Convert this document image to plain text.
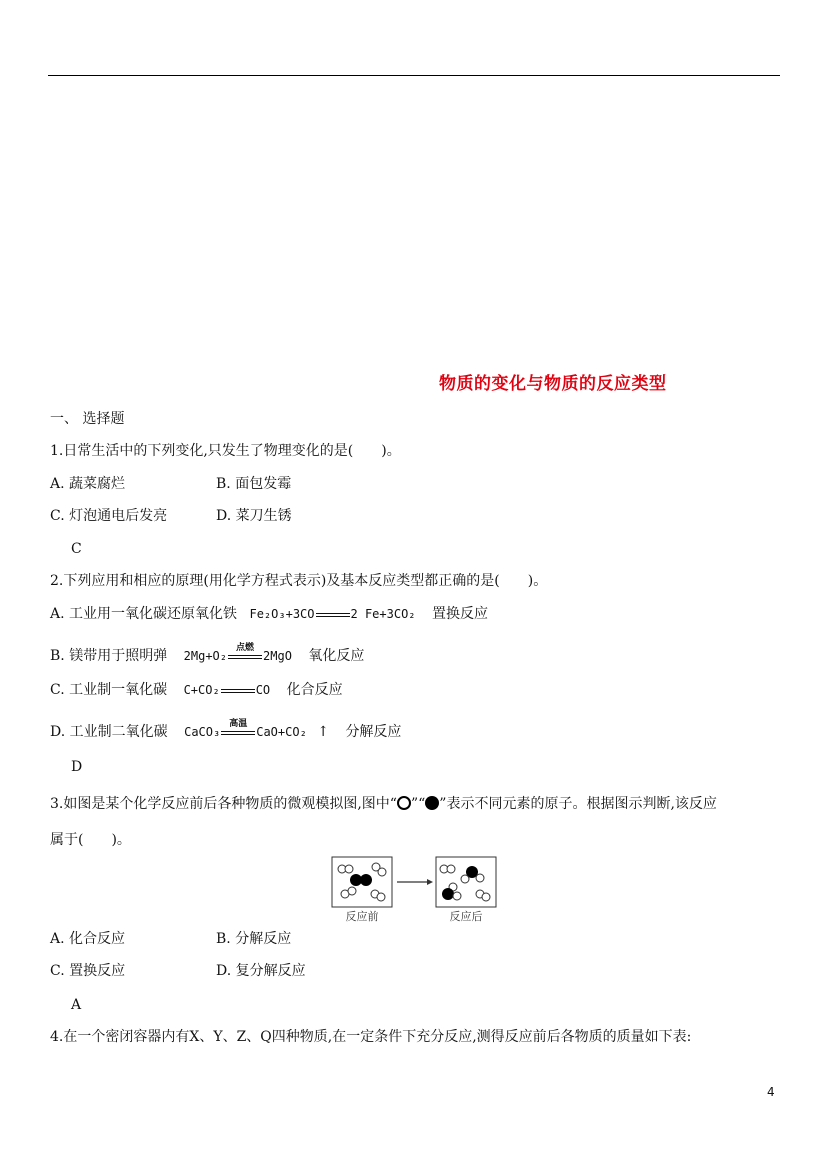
物质的变化与物质的反应类型
一、 选择题
1.日常生活中的下列变化,只发生了物理变化的是(　　)。
A. 蔬菜腐烂	B. 面包发霉
C. 灯泡通电后发亮	D. 菜刀生锈
C
2.下列应用和相应的原理(用化学方程式表示)及基本反应类型都正确的是(　　)。
A. 工业用一氧化碳还原氧化铁 Fe₂O₃+3CO	2 Fe+3CO₂ 置换反应
B. 镁带用于照明弹 2Mg+O₂
点燃
2MgO 氧化反应
C. 工业制一氧化碳 C+CO₂	CO 化合反应
D. 工业制二氧化碳 CaCO₃
高温
CaO+CO₂ ↑ 分解反应
D
3.如图是某个化学反应前后各种物质的微观模拟图,图中“ ”“ ”表示不同元素的原子。根据图示判断,该反应
属于(　　)。
反应前	反应后
A. 化合反应	B. 分解反应
C. 置换反应	D. 复分解反应
A
4.在一个密闭容器内有X、Y、Z、Q四种物质,在一定条件下充分反应,测得反应前后各物质的质量如下表:
4
